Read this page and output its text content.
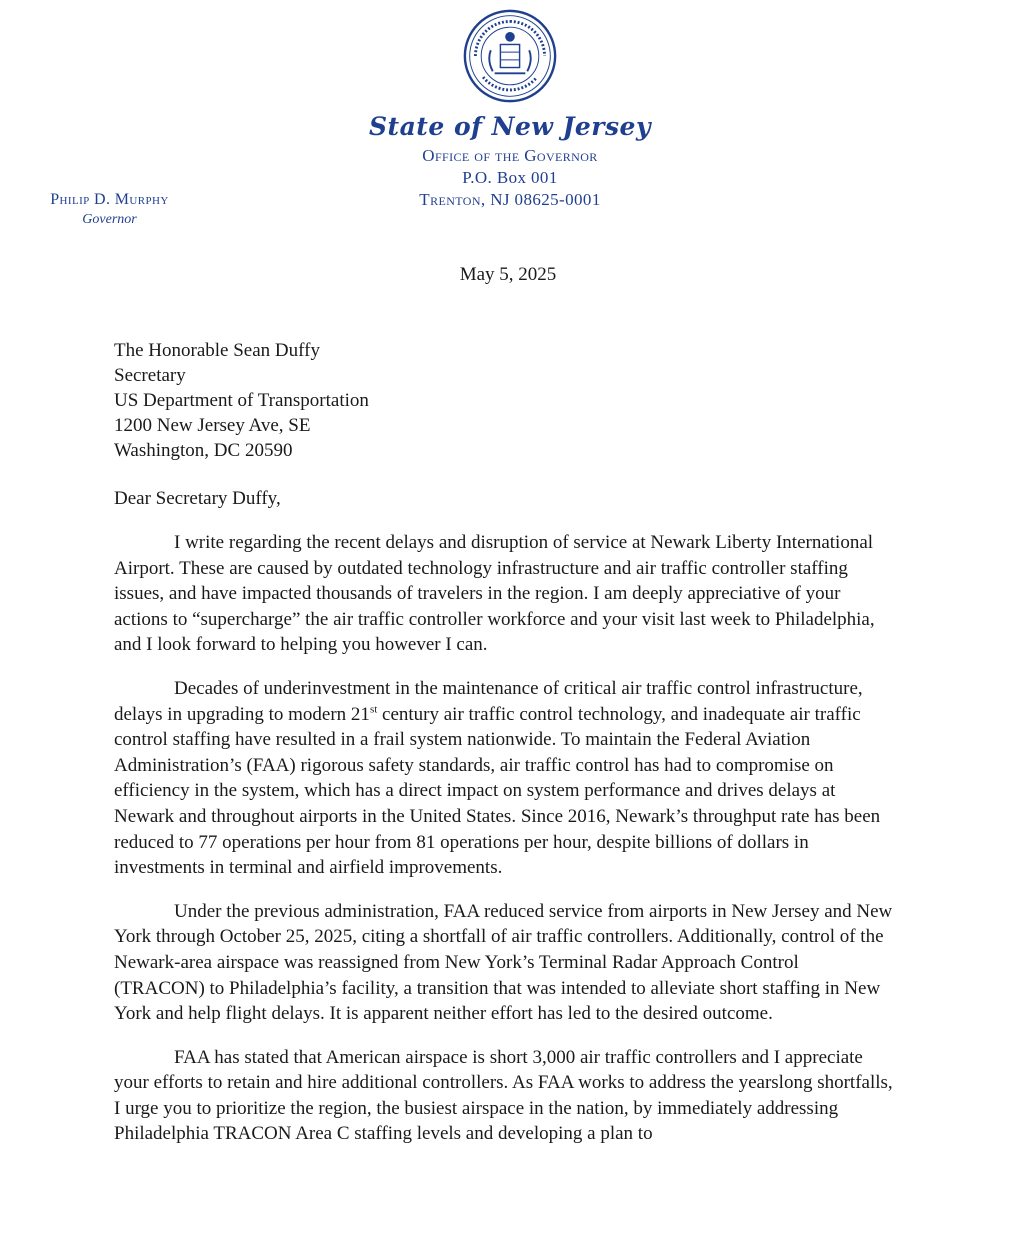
State of New Jersey
Office of the Governor
P.O. Box 001
Trenton, NJ 08625-0001
Philip D. Murphy
Governor
May 5, 2025
The Honorable Sean Duffy
Secretary
US Department of Transportation
1200 New Jersey Ave, SE
Washington, DC 20590
Dear Secretary Duffy,

I write regarding the recent delays and disruption of service at Newark Liberty International Airport. These are caused by outdated technology infrastructure and air traffic controller staffing issues, and have impacted thousands of travelers in the region. I am deeply appreciative of your actions to “supercharge” the air traffic controller workforce and your visit last week to Philadelphia, and I look forward to helping you however I can.

Decades of underinvestment in the maintenance of critical air traffic control infrastructure, delays in upgrading to modern 21st century air traffic control technology, and inadequate air traffic control staffing have resulted in a frail system nationwide. To maintain the Federal Aviation Administration’s (FAA) rigorous safety standards, air traffic control has had to compromise on efficiency in the system, which has a direct impact on system performance and drives delays at Newark and throughout airports in the United States. Since 2016, Newark’s throughput rate has been reduced to 77 operations per hour from 81 operations per hour, despite billions of dollars in investments in terminal and airfield improvements.

Under the previous administration, FAA reduced service from airports in New Jersey and New York through October 25, 2025, citing a shortfall of air traffic controllers. Additionally, control of the Newark-area airspace was reassigned from New York’s Terminal Radar Approach Control (TRACON) to Philadelphia’s facility, a transition that was intended to alleviate short staffing in New York and help flight delays. It is apparent neither effort has led to the desired outcome.

FAA has stated that American airspace is short 3,000 air traffic controllers and I appreciate your efforts to retain and hire additional controllers. As FAA works to address the yearslong shortfalls, I urge you to prioritize the region, the busiest airspace in the nation, by immediately addressing Philadelphia TRACON Area C staffing levels and developing a plan to
